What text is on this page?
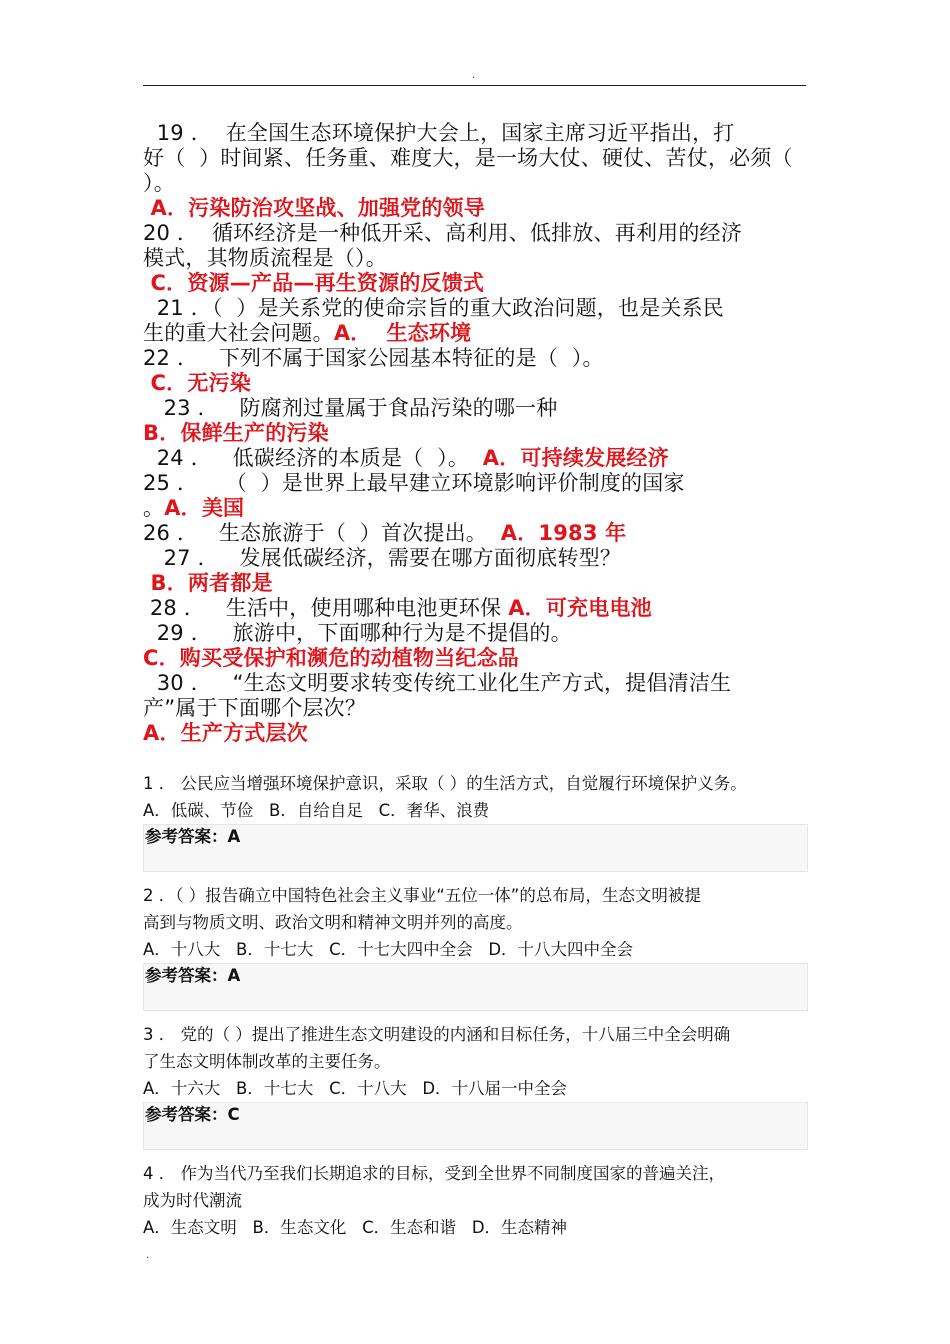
.
19 ．  在全国生态环境保护大会上，国家主席习近平指出，打
好（  ）时间紧、任务重、难度大，是一场大仗、硬仗、苦仗，必须（
）。
A．污染防治攻坚战、加强党的领导
20 ．  循环经济是一种低开采、高利用、低排放、再利用的经济
模式，其物质流程是（）。
C．资源—产品—再生资源的反馈式
21 ．（  ）是关系党的使命宗旨的重大政治问题，也是关系民
生的重大社会问题。A．  生态环境
22 ．   下列不属于国家公园基本特征的是（  ）。
C．无污染
23 ．   防腐剂过量属于食品污染的哪一种
B．保鲜生产的污染
24 ．   低碳经济的本质是（  ）。  A．可持续发展经济
25 ．    （  ）是世界上最早建立环境影响评价制度的国家
。A．美国
26 ．   生态旅游于（  ）首次提出。  A．1983 年
27 ．   发展低碳经济，需要在哪方面彻底转型？
B．两者都是
28 ．   生活中，使用哪种电池更环保 A．可充电电池
29 ．   旅游中，下面哪种行为是不提倡的。
C．购买受保护和濒危的动植物当纪念品
30 ．   “生态文明要求转变传统工业化生产方式，提倡清洁生
产”属于下面哪个层次？
A．生产方式层次
1 ． 公民应当增强环境保护意识，采取（ ）的生活方式，自觉履行环境保护义务。
A．低碳、节俭   B．自给自足   C．奢华、浪费
参考答案：A
2 ．（ ）报告确立中国特色社会主义事业“五位一体”的总布局，生态文明被提
高到与物质文明、政治文明和精神文明并列的高度。
A．十八大   B．十七大   C．十七大四中全会   D．十八大四中全会
参考答案：A
3 ． 党的（ ）提出了推进生态文明建设的内涵和目标任务，十八届三中全会明确
了生态文明体制改革的主要任务。
A．十六大   B．十七大   C．十八大   D．十八届一中全会
参考答案：C
4 ． 作为当代乃至我们长期追求的目标，受到全世界不同制度国家的普遍关注，
成为时代潮流
A．生态文明   B．生态文化   C．生态和谐   D．生态精神
.
